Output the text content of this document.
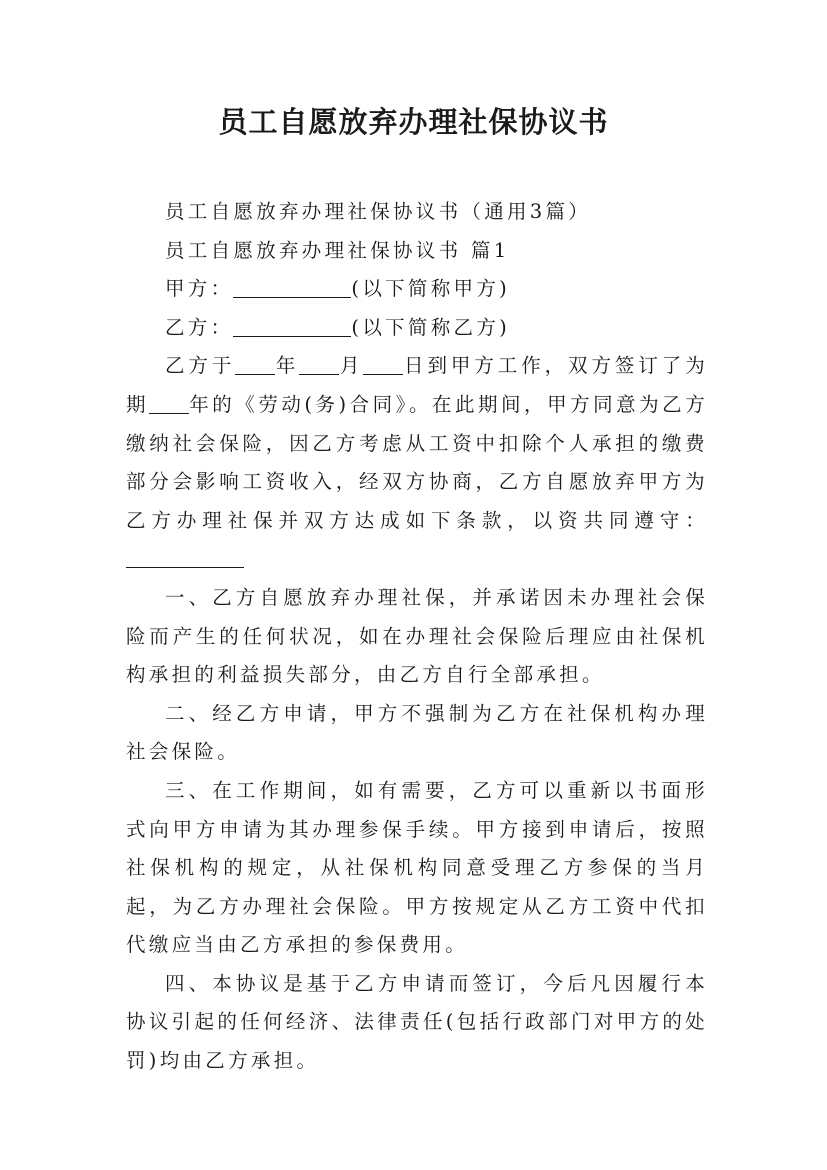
员工自愿放弃办理社保协议书

员工自愿放弃办理社保协议书（通用3篇）

员工自愿放弃办理社保协议书 篇1

甲方：	(以下简称甲方)

乙方：	(以下简称乙方)

乙方于 年 月 日到甲方工作，双方签订了为期 年的《劳动(务)合同》。在此期间，甲方同意为乙方缴纳社会保险，因乙方考虑从工资中扣除个人承担的缴费部分会影响工资收入，经双方协商，乙方自愿放弃甲方为乙方办理社保并双方达成如下条款，以资共同遵守：

一、乙方自愿放弃办理社保，并承诺因未办理社会保险而产生的任何状况，如在办理社会保险后理应由社保机构承担的利益损失部分，由乙方自行全部承担。

二、经乙方申请，甲方不强制为乙方在社保机构办理社会保险。

三、在工作期间，如有需要，乙方可以重新以书面形式向甲方申请为其办理参保手续。甲方接到申请后，按照社保机构的规定，从社保机构同意受理乙方参保的当月起，为乙方办理社会保险。甲方按规定从乙方工资中代扣代缴应当由乙方承担的参保费用。

四、本协议是基于乙方申请而签订，今后凡因履行本协议引起的任何经济、法律责任(包括行政部门对甲方的处罚)均由乙方承担。
